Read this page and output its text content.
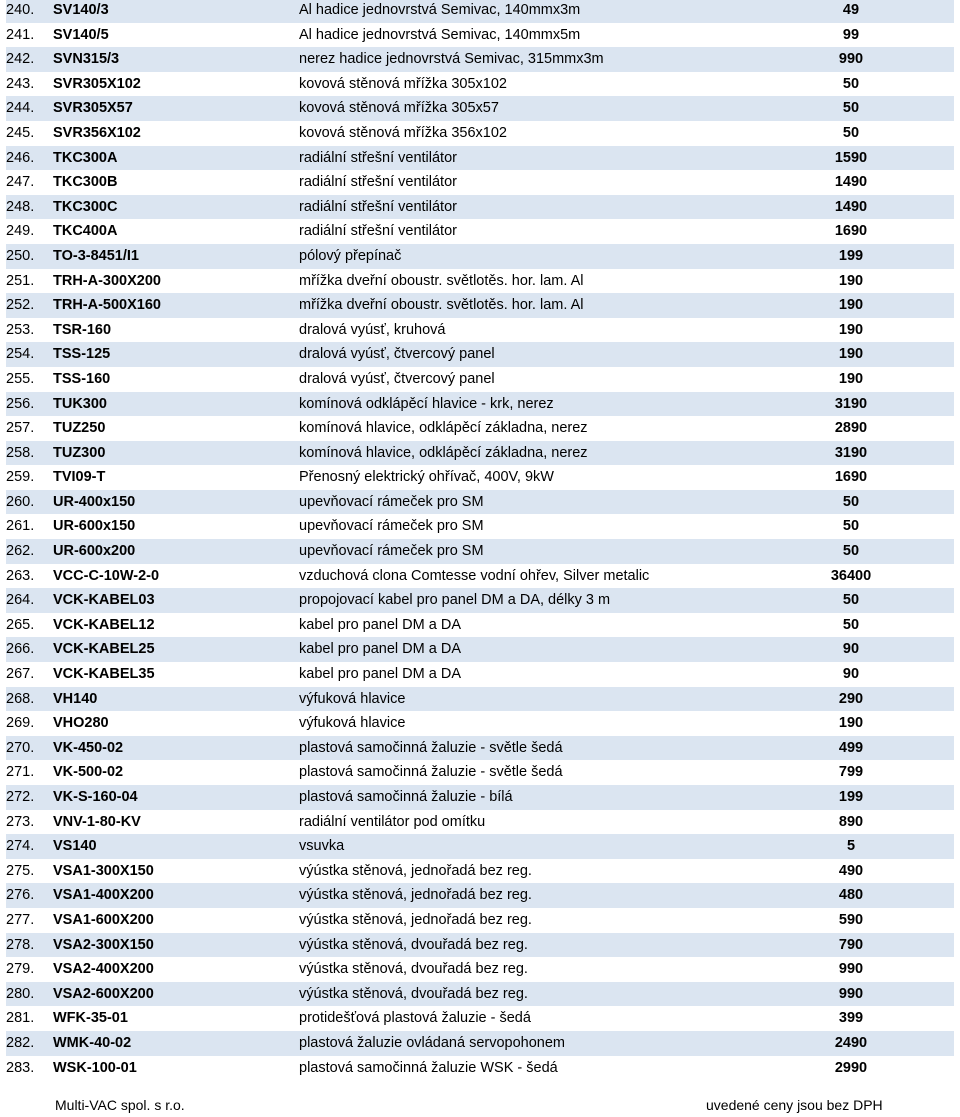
240.	SV140/3	Al hadice jednovrstvá Semivac, 140mmx3m	49
241.	SV140/5	Al hadice jednovrstvá Semivac, 140mmx5m	99
242.	SVN315/3	nerez hadice jednovrstvá Semivac, 315mmx3m	990
243.	SVR305X102	kovová stěnová mřížka 305x102	50
244.	SVR305X57	kovová stěnová mřížka 305x57	50
245.	SVR356X102	kovová stěnová mřížka 356x102	50
246.	TKC300A	radiální střešní ventilátor	1590
247.	TKC300B	radiální střešní ventilátor	1490
248.	TKC300C	radiální střešní ventilátor	1490
249.	TKC400A	radiální střešní ventilátor	1690
250.	TO-3-8451/I1	pólový přepínač	199
251.	TRH-A-300X200	mřížka dveřní oboustr. světlotěs. hor. lam. Al	190
252.	TRH-A-500X160	mřížka dveřní oboustr. světlotěs. hor. lam. Al	190
253.	TSR-160	dralová vyúsť, kruhová	190
254.	TSS-125	dralová vyúsť, čtvercový panel	190
255.	TSS-160	dralová vyúsť, čtvercový panel	190
256.	TUK300	komínová odklápěcí hlavice - krk, nerez	3190
257.	TUZ250	komínová hlavice, odklápěcí základna, nerez	2890
258.	TUZ300	komínová hlavice, odklápěcí základna, nerez	3190
259.	TVI09-T	Přenosný elektrický ohřívač, 400V, 9kW	1690
260.	UR-400x150	upevňovací rámeček pro SM	50
261.	UR-600x150	upevňovací rámeček pro SM	50
262.	UR-600x200	upevňovací rámeček pro SM	50
263.	VCC-C-10W-2-0	vzduchová clona Comtesse vodní ohřev, Silver metalic	36400
264.	VCK-KABEL03	propojovací kabel pro panel DM a DA, délky 3 m	50
265.	VCK-KABEL12	kabel pro panel DM a DA	50
266.	VCK-KABEL25	kabel pro panel DM a DA	90
267.	VCK-KABEL35	kabel pro panel DM a DA	90
268.	VH140	výfuková hlavice	290
269.	VHO280	výfuková hlavice	190
270.	VK-450-02	plastová samočinná žaluzie - světle šedá	499
271.	VK-500-02	plastová samočinná žaluzie - světle šedá	799
272.	VK-S-160-04	plastová samočinná žaluzie - bílá	199
273.	VNV-1-80-KV	radiální ventilátor pod omítku	890
274.	VS140	vsuvka	5
275.	VSA1-300X150	výústka stěnová, jednořadá bez reg.	490
276.	VSA1-400X200	výústka stěnová, jednořadá bez reg.	480
277.	VSA1-600X200	výústka stěnová, jednořadá bez reg.	590
278.	VSA2-300X150	výústka stěnová, dvouřadá bez reg.	790
279.	VSA2-400X200	výústka stěnová, dvouřadá bez reg.	990
280.	VSA2-600X200	výústka stěnová, dvouřadá bez reg.	990
281.	WFK-35-01	protidešťová plastová žaluzie - šedá	399
282.	WMK-40-02	plastová žaluzie ovládaná servopohonem	2490
283.	WSK-100-01	plastová samočinná žaluzie WSK - šedá	2990
Multi-VAC spol. s r.o.	uvedené ceny jsou bez DPH
